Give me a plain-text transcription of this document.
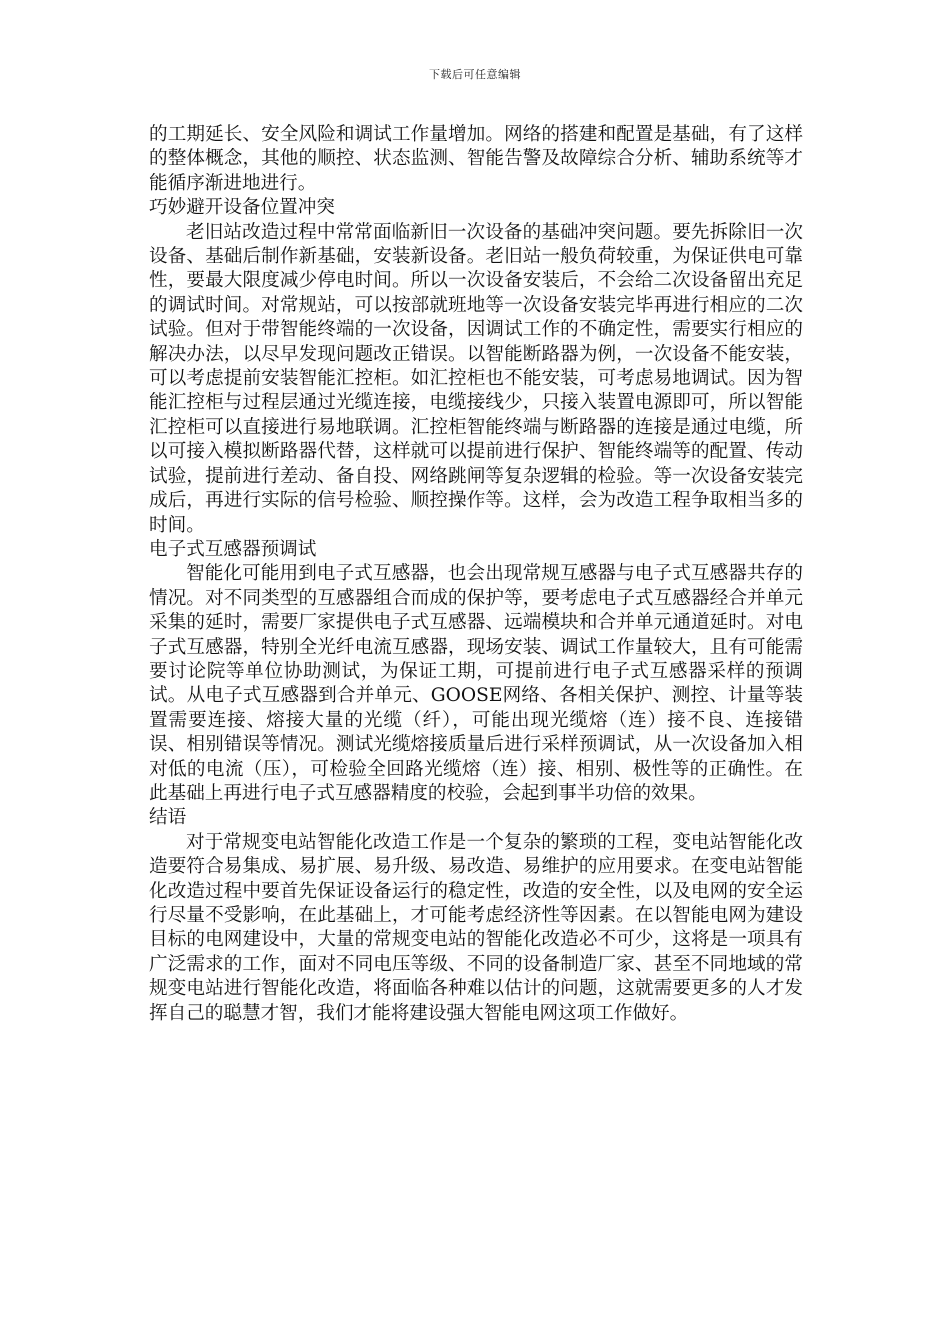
下载后可任意编辑

的工期延长、安全风险和调试工作量增加。网络的搭建和配置是基础，有了这样的整体概念，其他的顺控、状态监测、智能告警及故障综合分析、辅助系统等才能循序渐进地进行。

巧妙避开设备位置冲突

老旧站改造过程中常常面临新旧一次设备的基础冲突问题。要先拆除旧一次设备、基础后制作新基础，安装新设备。老旧站一般负荷较重，为保证供电可靠性，要最大限度减少停电时间。所以一次设备安装后，不会给二次设备留出充足的调试时间。对常规站，可以按部就班地等一次设备安装完毕再进行相应的二次试验。但对于带智能终端的一次设备，因调试工作的不确定性，需要实行相应的解决办法，以尽早发现问题改正错误。以智能断路器为例，一次设备不能安装，可以考虑提前安装智能汇控柜。如汇控柜也不能安装，可考虑易地调试。因为智能汇控柜与过程层通过光缆连接，电缆接线少，只接入装置电源即可，所以智能汇控柜可以直接进行易地联调。汇控柜智能终端与断路器的连接是通过电缆，所以可接入模拟断路器代替，这样就可以提前进行保护、智能终端等的配置、传动试验，提前进行差动、备自投、网络跳闸等复杂逻辑的检验。等一次设备安装完成后，再进行实际的信号检验、顺控操作等。这样，会为改造工程争取相当多的时间。

电子式互感器预调试

智能化可能用到电子式互感器，也会出现常规互感器与电子式互感器共存的情况。对不同类型的互感器组合而成的保护等，要考虑电子式互感器经合并单元采集的延时，需要厂家提供电子式互感器、远端模块和合并单元通道延时。对电子式互感器，特别全光纤电流互感器，现场安装、调试工作量较大，且有可能需要讨论院等单位协助测试，为保证工期，可提前进行电子式互感器采样的预调试。从电子式互感器到合并单元、GOOSE网络、各相关保护、测控、计量等装置需要连接、熔接大量的光缆（纤），可能出现光缆熔（连）接不良、连接错误、相别错误等情况。测试光缆熔接质量后进行采样预调试，从一次设备加入相对低的电流（压），可检验全回路光缆熔（连）接、相别、极性等的正确性。在此基础上再进行电子式互感器精度的校验，会起到事半功倍的效果。

结语

对于常规变电站智能化改造工作是一个复杂的繁琐的工程，变电站智能化改造要符合易集成、易扩展、易升级、易改造、易维护的应用要求。在变电站智能化改造过程中要首先保证设备运行的稳定性，改造的安全性，以及电网的安全运行尽量不受影响，在此基础上，才可能考虑经济性等因素。在以智能电网为建设目标的电网建设中，大量的常规变电站的智能化改造必不可少，这将是一项具有广泛需求的工作，面对不同电压等级、不同的设备制造厂家、甚至不同地域的常规变电站进行智能化改造，将面临各种难以估计的问题，这就需要更多的人才发挥自己的聪慧才智，我们才能将建设强大智能电网这项工作做好。
